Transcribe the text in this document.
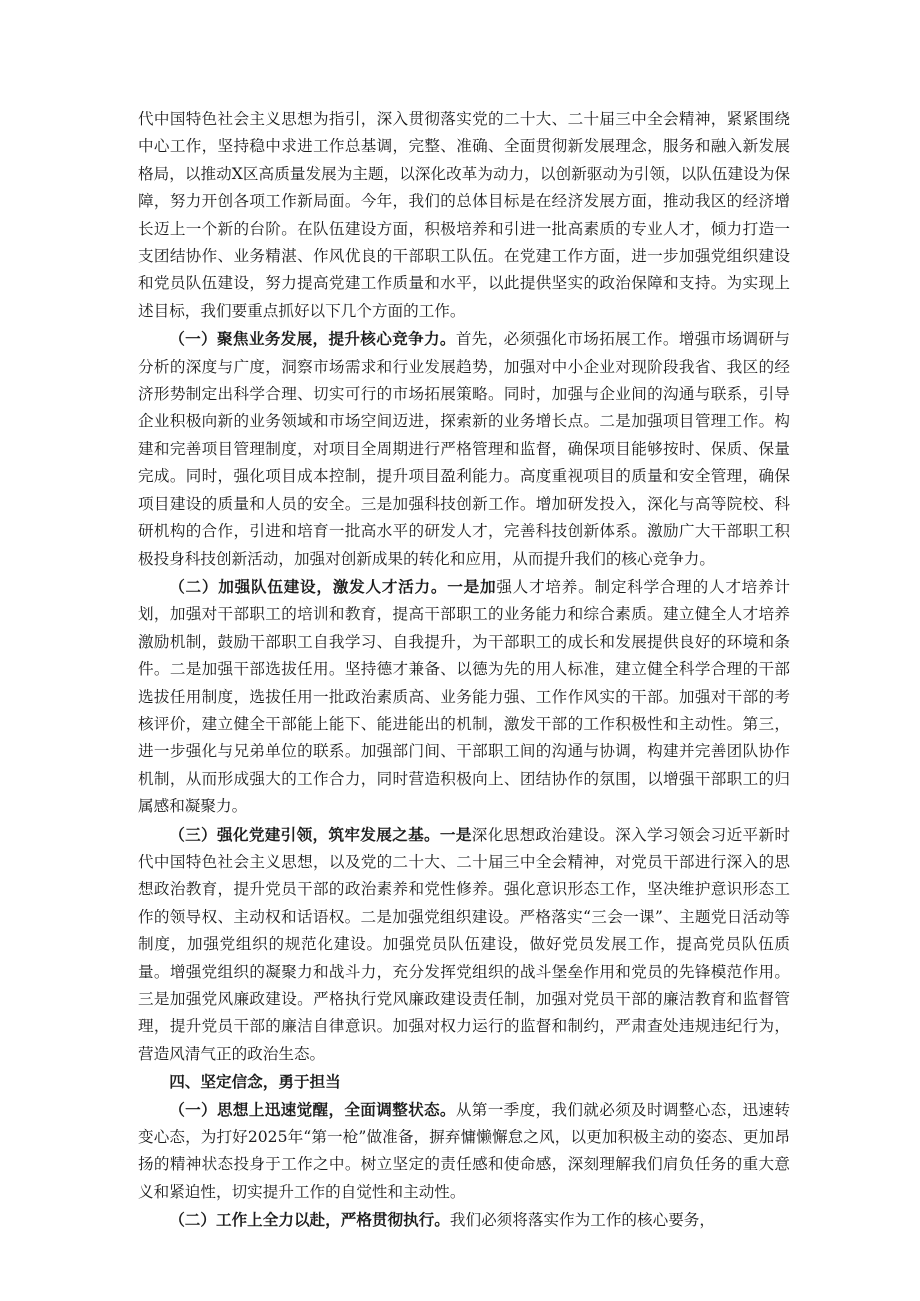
代中国特色社会主义思想为指引，深入贯彻落实党的二十大、二十届三中全会精神，紧紧围绕中心工作，坚持稳中求进工作总基调，完整、准确、全面贯彻新发展理念，服务和融入新发展格局，以推动X区高质量发展为主题，以深化改革为动力，以创新驱动为引领，以队伍建设为保障，努力开创各项工作新局面。今年，我们的总体目标是在经济发展方面，推动我区的经济增长迈上一个新的台阶。在队伍建设方面，积极培养和引进一批高素质的专业人才，倾力打造一支团结协作、业务精湛、作风优良的干部职工队伍。在党建工作方面，进一步加强党组织建设和党员队伍建设，努力提高党建工作质量和水平，以此提供坚实的政治保障和支持。为实现上述目标，我们要重点抓好以下几个方面的工作。

（一）聚焦业务发展，提升核心竞争力。首先，必须强化市场拓展工作。增强市场调研与分析的深度与广度，洞察市场需求和行业发展趋势，加强对中小企业对现阶段我省、我区的经济形势制定出科学合理、切实可行的市场拓展策略。同时，加强与企业间的沟通与联系，引导企业积极向新的业务领域和市场空间迈进，探索新的业务增长点。二是加强项目管理工作。构建和完善项目管理制度，对项目全周期进行严格管理和监督，确保项目能够按时、保质、保量完成。同时，强化项目成本控制，提升项目盈利能力。高度重视项目的质量和安全管理，确保项目建设的质量和人员的安全。三是加强科技创新工作。增加研发投入，深化与高等院校、科研机构的合作，引进和培育一批高水平的研发人才，完善科技创新体系。激励广大干部职工积极投身科技创新活动，加强对创新成果的转化和应用，从而提升我们的核心竞争力。

（二）加强队伍建设，激发人才活力。一是加强人才培养。制定科学合理的人才培养计划，加强对干部职工的培训和教育，提高干部职工的业务能力和综合素质。建立健全人才培养激励机制，鼓励干部职工自我学习、自我提升，为干部职工的成长和发展提供良好的环境和条件。二是加强干部选拔任用。坚持德才兼备、以德为先的用人标准，建立健全科学合理的干部选拔任用制度，选拔任用一批政治素质高、业务能力强、工作作风实的干部。加强对干部的考核评价，建立健全干部能上能下、能进能出的机制，激发干部的工作积极性和主动性。第三，进一步强化与兄弟单位的联系。加强部门间、干部职工间的沟通与协调，构建并完善团队协作机制，从而形成强大的工作合力，同时营造积极向上、团结协作的氛围，以增强干部职工的归属感和凝聚力。

（三）强化党建引领，筑牢发展之基。一是深化思想政治建设。深入学习领会习近平新时代中国特色社会主义思想，以及党的二十大、二十届三中全会精神，对党员干部进行深入的思想政治教育，提升党员干部的政治素养和党性修养。强化意识形态工作，坚决维护意识形态工作的领导权、主动权和话语权。二是加强党组织建设。严格落实“三会一课”、主题党日活动等制度，加强党组织的规范化建设。加强党员队伍建设，做好党员发展工作，提高党员队伍质量。增强党组织的凝聚力和战斗力，充分发挥党组织的战斗堡垒作用和党员的先锋模范作用。三是加强党风廉政建设。严格执行党风廉政建设责任制，加强对党员干部的廉洁教育和监督管理，提升党员干部的廉洁自律意识。加强对权力运行的监督和制约，严肃查处违规违纪行为，营造风清气正的政治生态。

四、坚定信念，勇于担当

（一）思想上迅速觉醒，全面调整状态。从第一季度，我们就必须及时调整心态，迅速转变心态，为打好2025年“第一枪”做准备，摒弃慵懒懈怠之风，以更加积极主动的姿态、更加昂扬的精神状态投身于工作之中。树立坚定的责任感和使命感，深刻理解我们肩负任务的重大意义和紧迫性，切实提升工作的自觉性和主动性。

（二）工作上全力以赴，严格贯彻执行。我们必须将落实作为工作的核心要务，
